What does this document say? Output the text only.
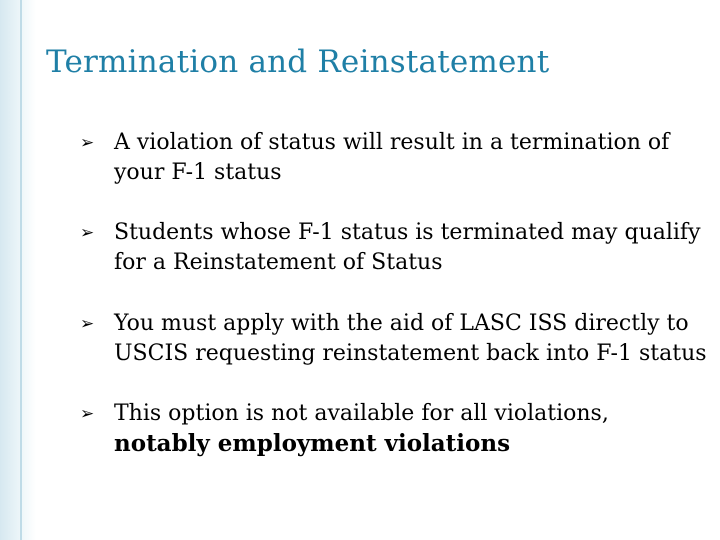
Termination and Reinstatement
➢ A violation of status will result in a termination of your F-1 status
➢ Students whose F-1 status is terminated may qualify for a Reinstatement of Status
➢ You must apply with the aid of LASC ISS directly to USCIS requesting reinstatement back into F-1 status
➢ This option is not available for all violations,
notably employment violations
